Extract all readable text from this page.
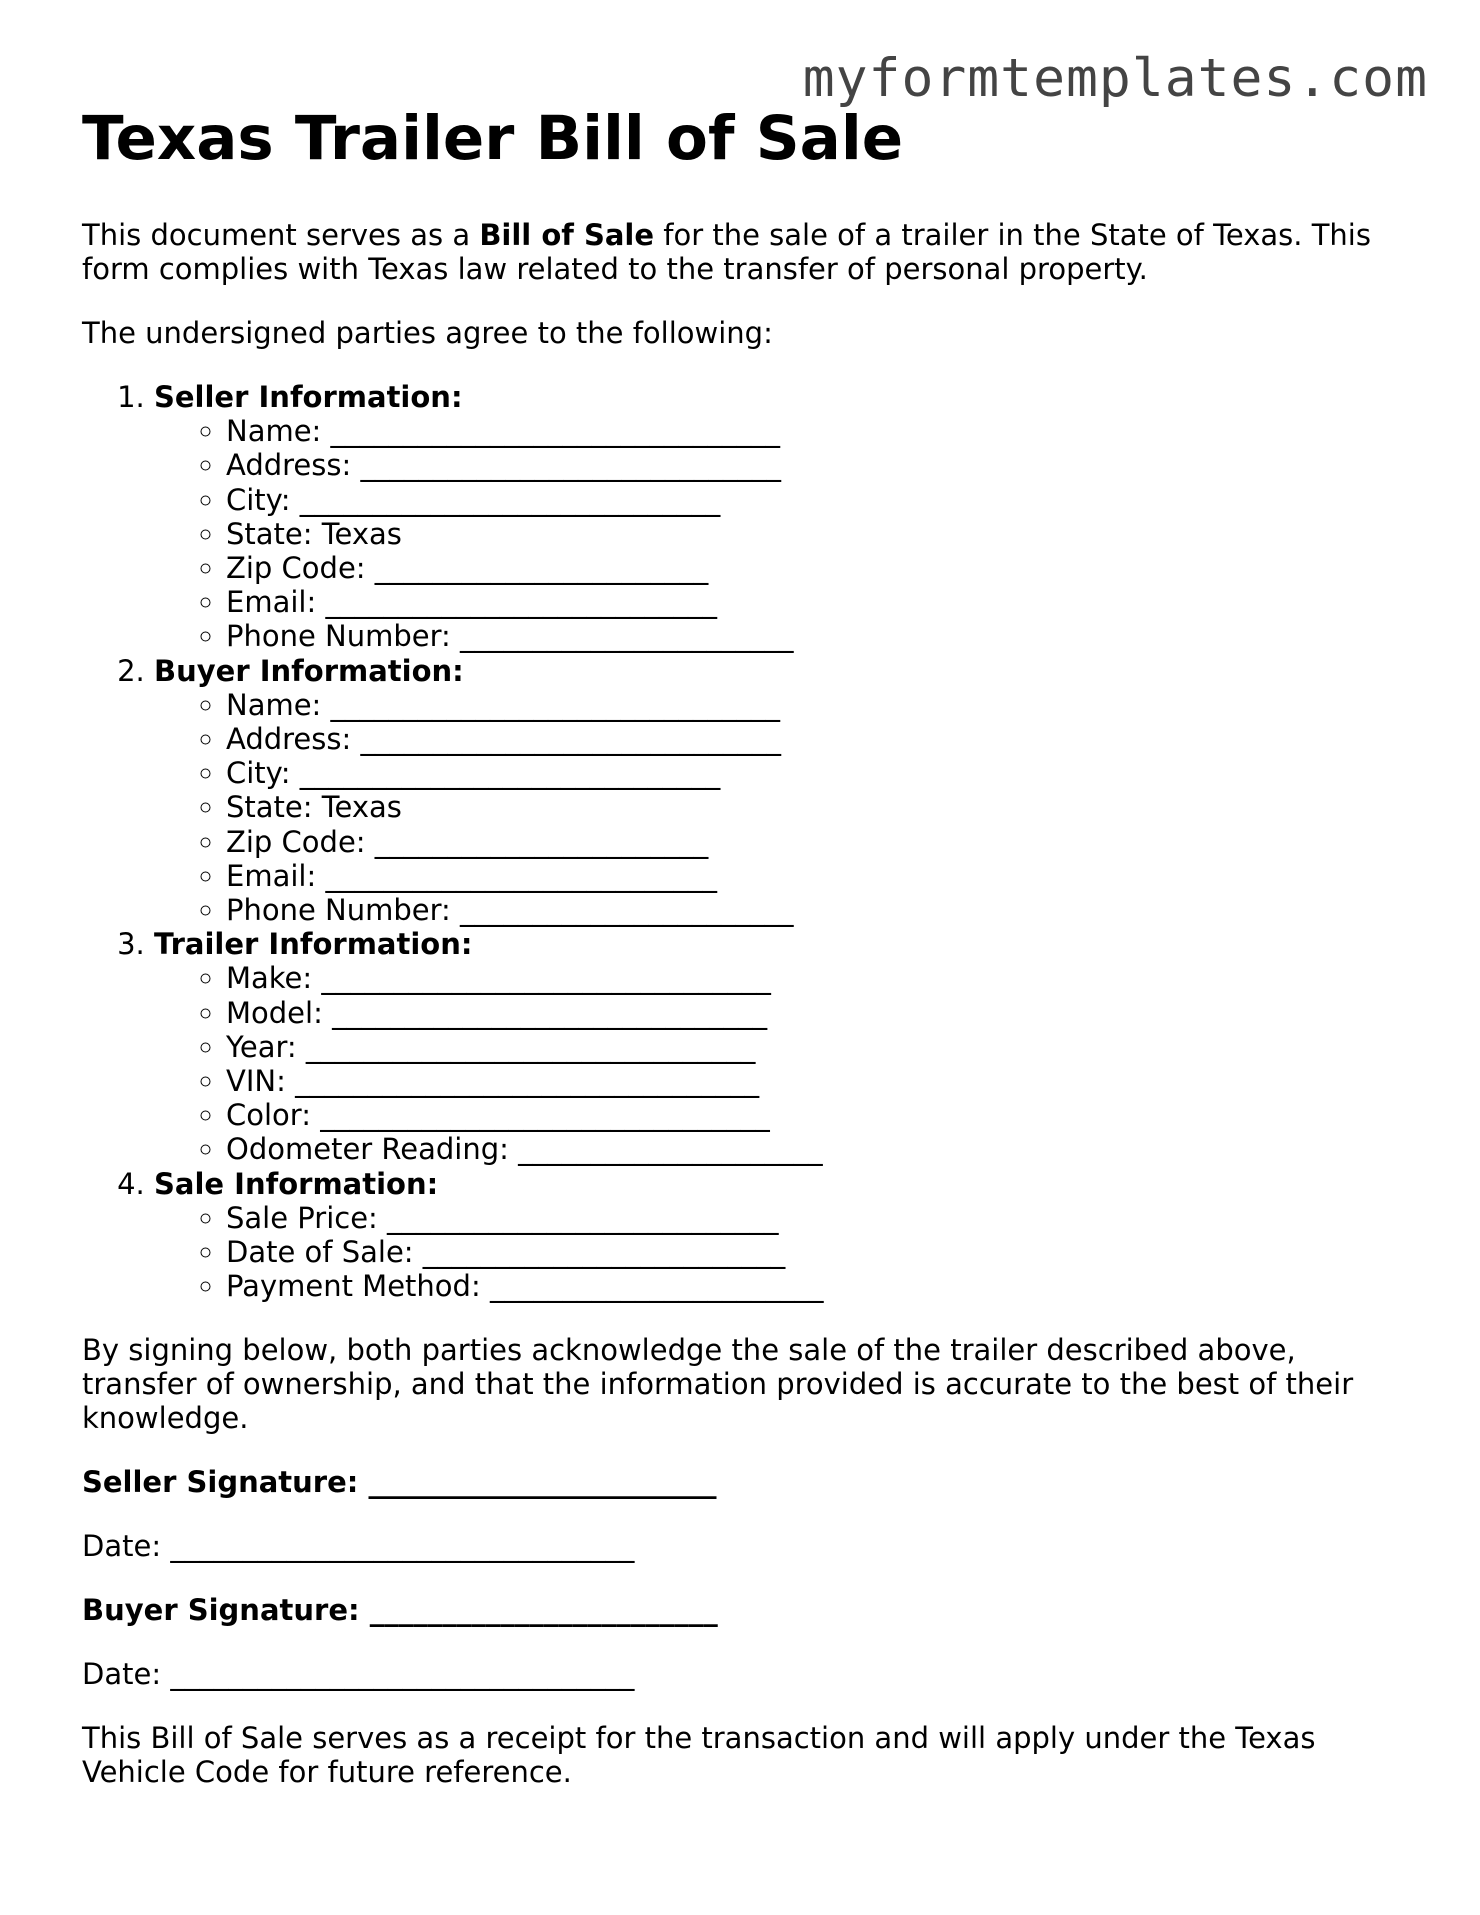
myformtemplates.com
Texas Trailer Bill of Sale

This document serves as a Bill of Sale for the sale of a trailer in the State of Texas. This form complies with Texas law related to the transfer of personal property.

The undersigned parties agree to the following:

1. Seller Information:
◦ Name: _______________________________
◦ Address: _____________________________
◦ City: _____________________________
◦ State: Texas
◦ Zip Code: _______________________
◦ Email: ___________________________
◦ Phone Number: _______________________
2. Buyer Information:
◦ Name: _______________________________
◦ Address: _____________________________
◦ City: _____________________________
◦ State: Texas
◦ Zip Code: _______________________
◦ Email: ___________________________
◦ Phone Number: _______________________
3. Trailer Information:
◦ Make: _______________________________
◦ Model: ______________________________
◦ Year: _______________________________
◦ VIN: ________________________________
◦ Color: _______________________________
◦ Odometer Reading: _____________________
4. Sale Information:
◦ Sale Price: ___________________________
◦ Date of Sale: _________________________
◦ Payment Method: _______________________

By signing below, both parties acknowledge the sale of the trailer described above, transfer of ownership, and that the information provided is accurate to the best of their knowledge.

Seller Signature: ________________________

Date: ________________________________

Buyer Signature: ________________________

Date: ________________________________

This Bill of Sale serves as a receipt for the transaction and will apply under the Texas Vehicle Code for future reference.
